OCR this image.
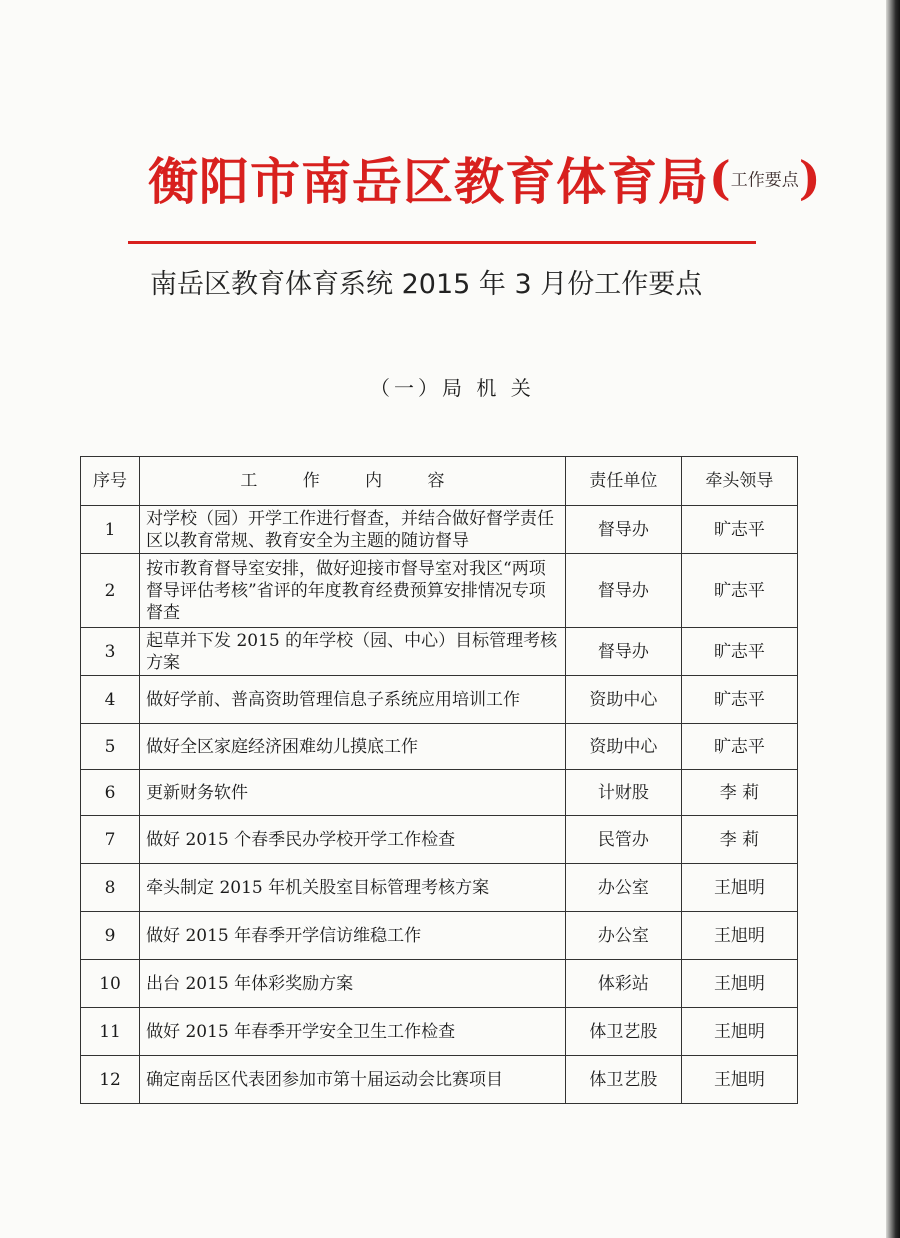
衡阳市南岳区教育体育局(工作要点)
南岳区教育体育系统 2015 年 3 月份工作要点
（一）局 机 关
序号	工 作 内 容	责任单位	牵头领导
1	对学校（园）开学工作进行督查，并结合做好督学责任区以教育常规、教育安全为主题的随访督导	督导办	旷志平
2	按市教育督导室安排，做好迎接市督导室对我区“两项督导评估考核”省评的年度教育经费预算安排情况专项督查	督导办	旷志平
3	起草并下发 2015 的年学校（园、中心）目标管理考核方案	督导办	旷志平
4	做好学前、普高资助管理信息子系统应用培训工作	资助中心	旷志平
5	做好全区家庭经济困难幼儿摸底工作	资助中心	旷志平
6	更新财务软件	计财股	李 莉
7	做好 2015 个春季民办学校开学工作检查	民管办	李 莉
8	牵头制定 2015 年机关股室目标管理考核方案	办公室	王旭明
9	做好 2015 年春季开学信访维稳工作	办公室	王旭明
10	出台 2015 年体彩奖励方案	体彩站	王旭明
11	做好 2015 年春季开学安全卫生工作检查	体卫艺股	王旭明
12	确定南岳区代表团参加市第十届运动会比赛项目	体卫艺股	王旭明
